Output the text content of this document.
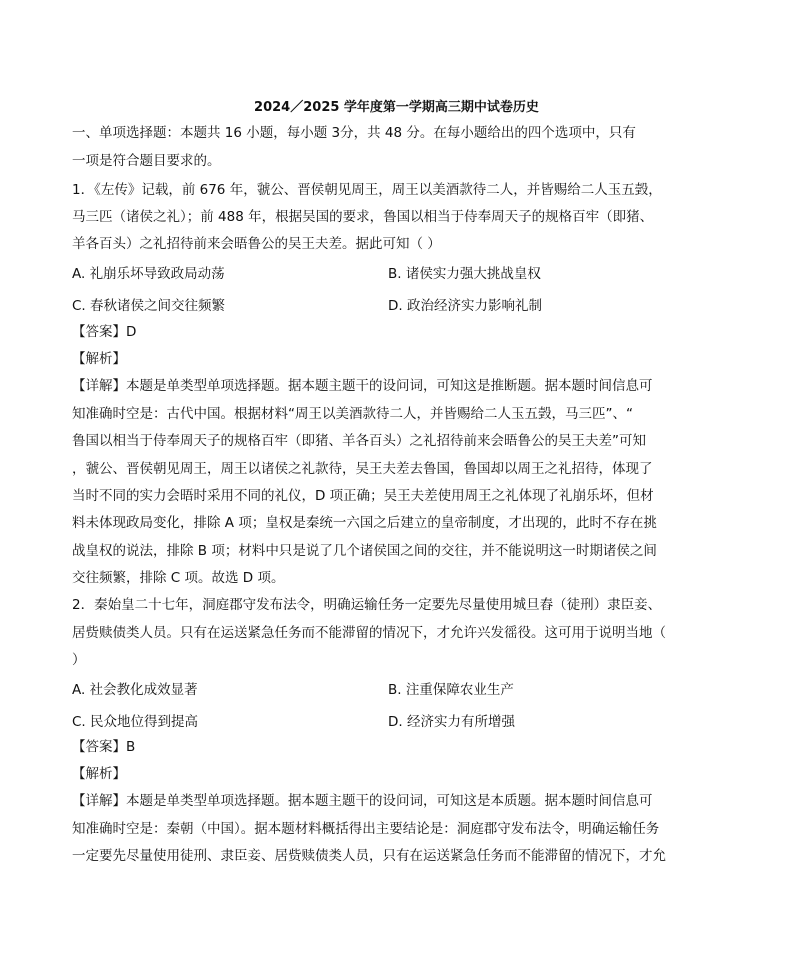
2024／2025 学年度第一学期高三期中试卷历史
一、单项选择题：本题共 16 小题，每小题 3分，共 48 分。在每小题给出的四个选项中，只有
一项是符合题目要求的。
1．《左传》记载，前 676 年，虢公、晋侯朝见周王，周王以美酒款待二人，并皆赐给二人玉五瑴，
马三匹（诸侯之礼）；前 488 年，根据吴国的要求，鲁国以相当于侍奉周天子的规格百牢（即猪、
羊各百头）之礼招待前来会晤鲁公的吴王夫差。据此可知（ ）
A. 礼崩乐坏导致政局动荡	B. 诸侯实力强大挑战皇权
C. 春秋诸侯之间交往频繁	D. 政治经济实力影响礼制
【答案】D
【解析】
【详解】本题是单类型单项选择题。据本题主题干的设问词，可知这是推断题。据本题时间信息可
知准确时空是：古代中国。根据材料“周王以美酒款待二人，并皆赐给二人玉五瑴，马三匹”、“
鲁国以相当于侍奉周天子的规格百牢（即猪、羊各百头）之礼招待前来会晤鲁公的吴王夫差”可知
，虢公、晋侯朝见周王，周王以诸侯之礼款待，吴王夫差去鲁国，鲁国却以周王之礼招待，体现了
当时不同的实力会晤时采用不同的礼仪，D 项正确；吴王夫差使用周王之礼体现了礼崩乐坏，但材
料未体现政局变化，排除 A 项；皇权是秦统一六国之后建立的皇帝制度，才出现的，此时不存在挑
战皇权的说法，排除 B 项；材料中只是说了几个诸侯国之间的交往，并不能说明这一时期诸侯之间
交往频繁，排除 C 项。故选 D 项。
2．秦始皇二十七年，洞庭郡守发布法令，明确运输任务一定要先尽量使用城旦舂（徒刑）隶臣妾、
居赀赎债类人员。只有在运送紧急任务而不能滞留的情况下，才允许兴发徭役。这可用于说明当地（
）
A. 社会教化成效显著	B. 注重保障农业生产
C. 民众地位得到提高	D. 经济实力有所增强
【答案】B
【解析】
【详解】本题是单类型单项选择题。据本题主题干的设问词，可知这是本质题。据本题时间信息可
知准确时空是：秦朝（中国）。据本题材料概括得出主要结论是：洞庭郡守发布法令，明确运输任务
一定要先尽量使用徒刑、隶臣妾、居赀赎债类人员，只有在运送紧急任务而不能滞留的情况下，才允
